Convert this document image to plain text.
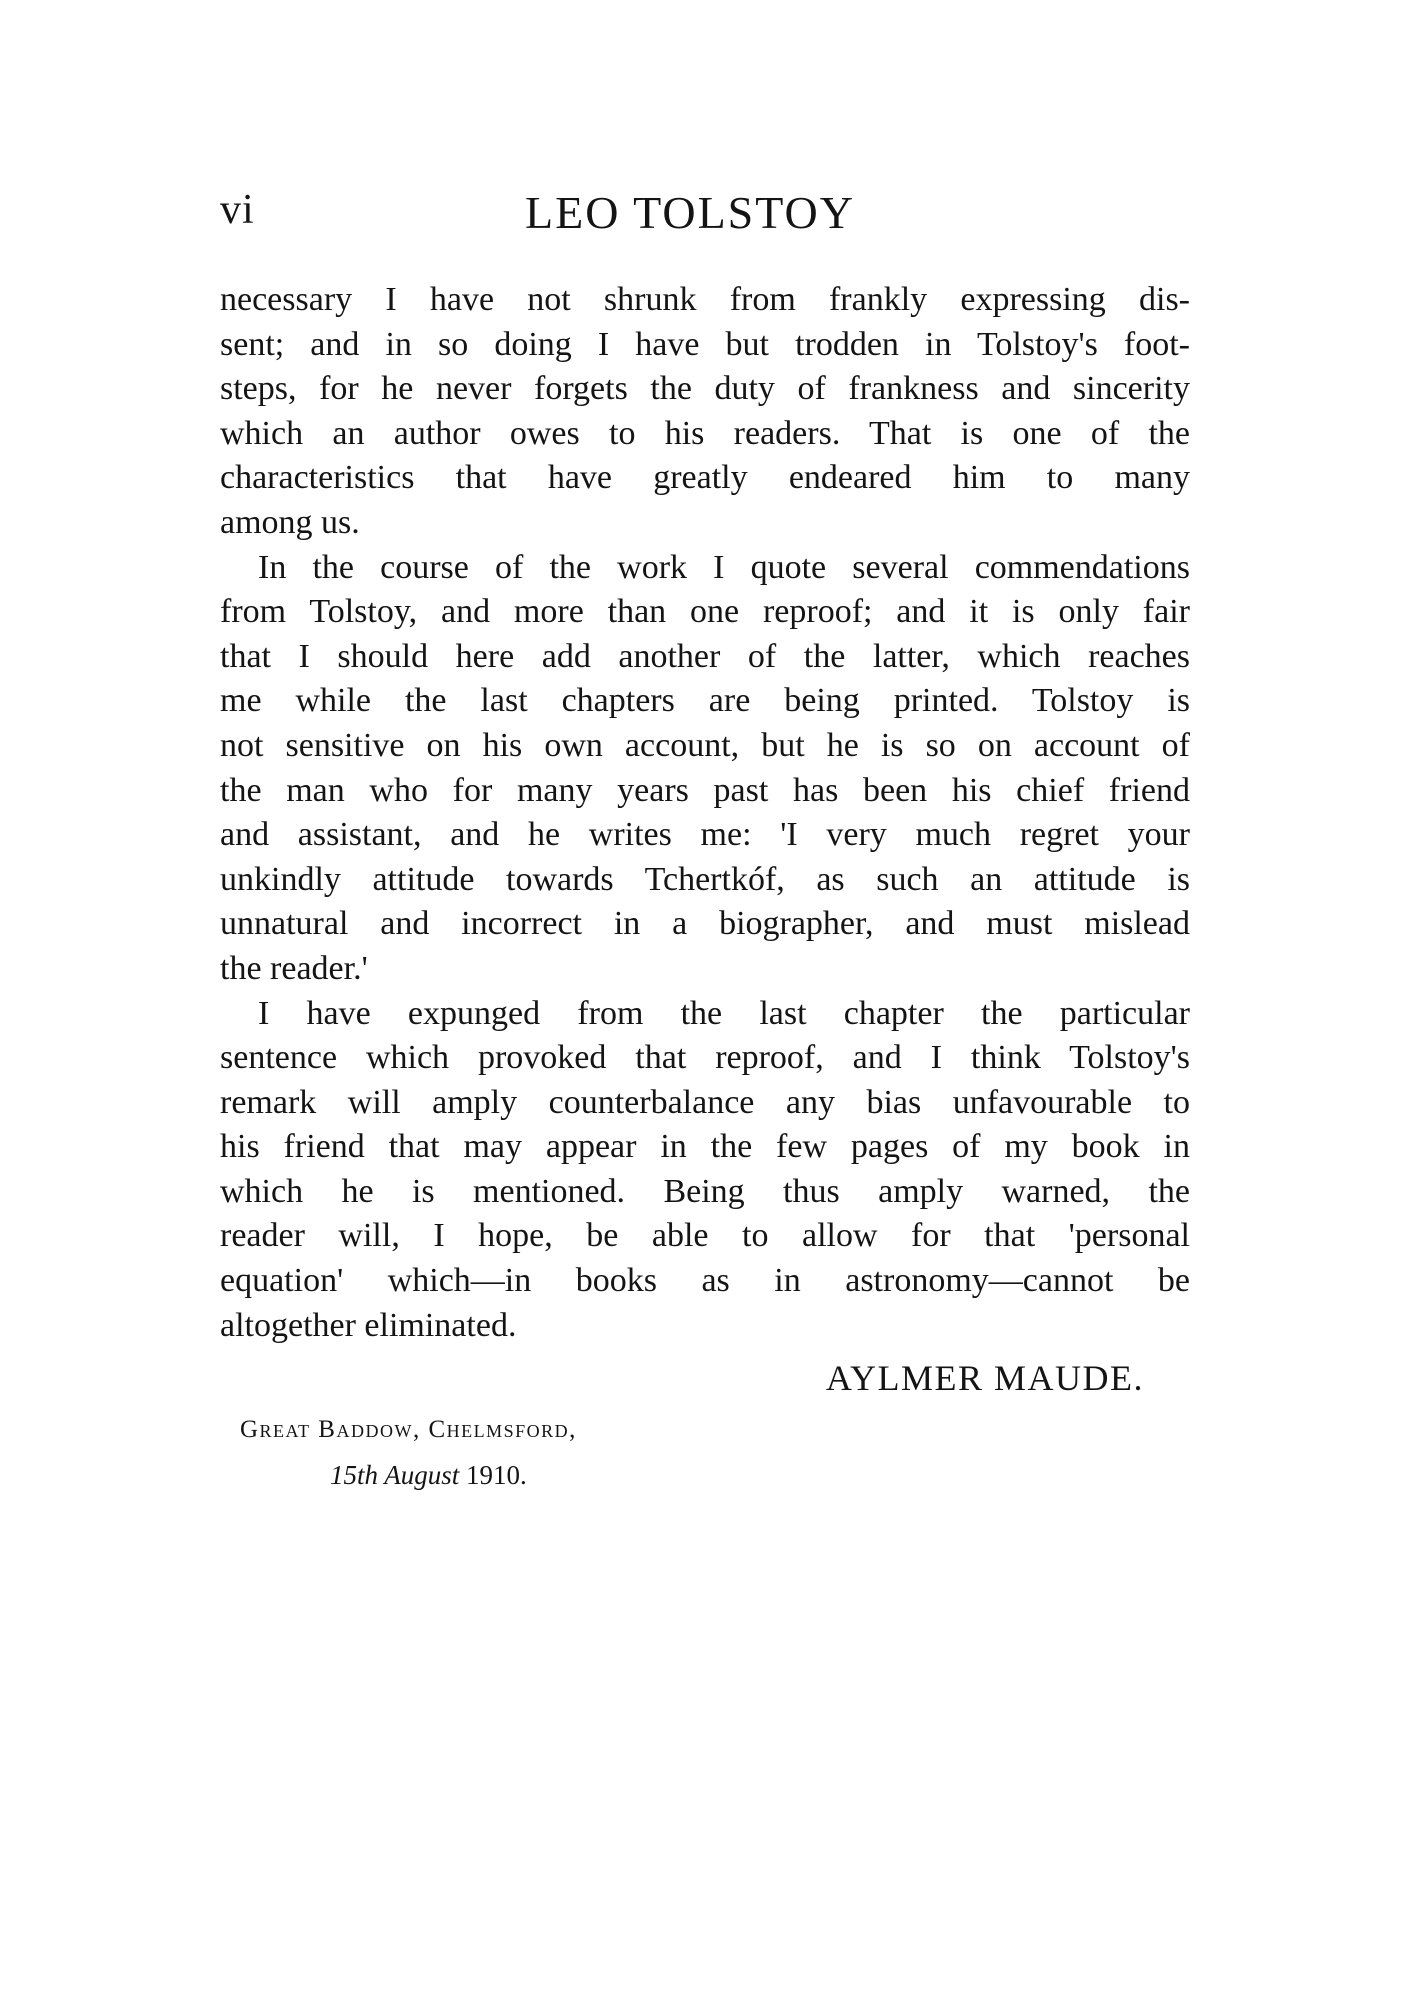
vi	LEO TOLSTOY
necessary I have not shrunk from frankly expressing dis-
sent; and in so doing I have but trodden in Tolstoy's foot-
steps, for he never forgets the duty of frankness and sincerity
which an author owes to his readers. That is one of the
characteristics that have greatly endeared him to many
among us.
In the course of the work I quote several commendations
from Tolstoy, and more than one reproof; and it is only fair
that I should here add another of the latter, which reaches
me while the last chapters are being printed. Tolstoy is
not sensitive on his own account, but he is so on account of
the man who for many years past has been his chief friend
and assistant, and he writes me: 'I very much regret your
unkindly attitude towards Tchertkóf, as such an attitude is
unnatural and incorrect in a biographer, and must mislead
the reader.'
I have expunged from the last chapter the particular
sentence which provoked that reproof, and I think Tolstoy's
remark will amply counterbalance any bias unfavourable to
his friend that may appear in the few pages of my book in
which he is mentioned. Being thus amply warned, the
reader will, I hope, be able to allow for that 'personal
equation' which—in books as in astronomy—cannot be
altogether eliminated.
AYLMER MAUDE.
Great Baddow, Chelmsford,
15th August 1910.
